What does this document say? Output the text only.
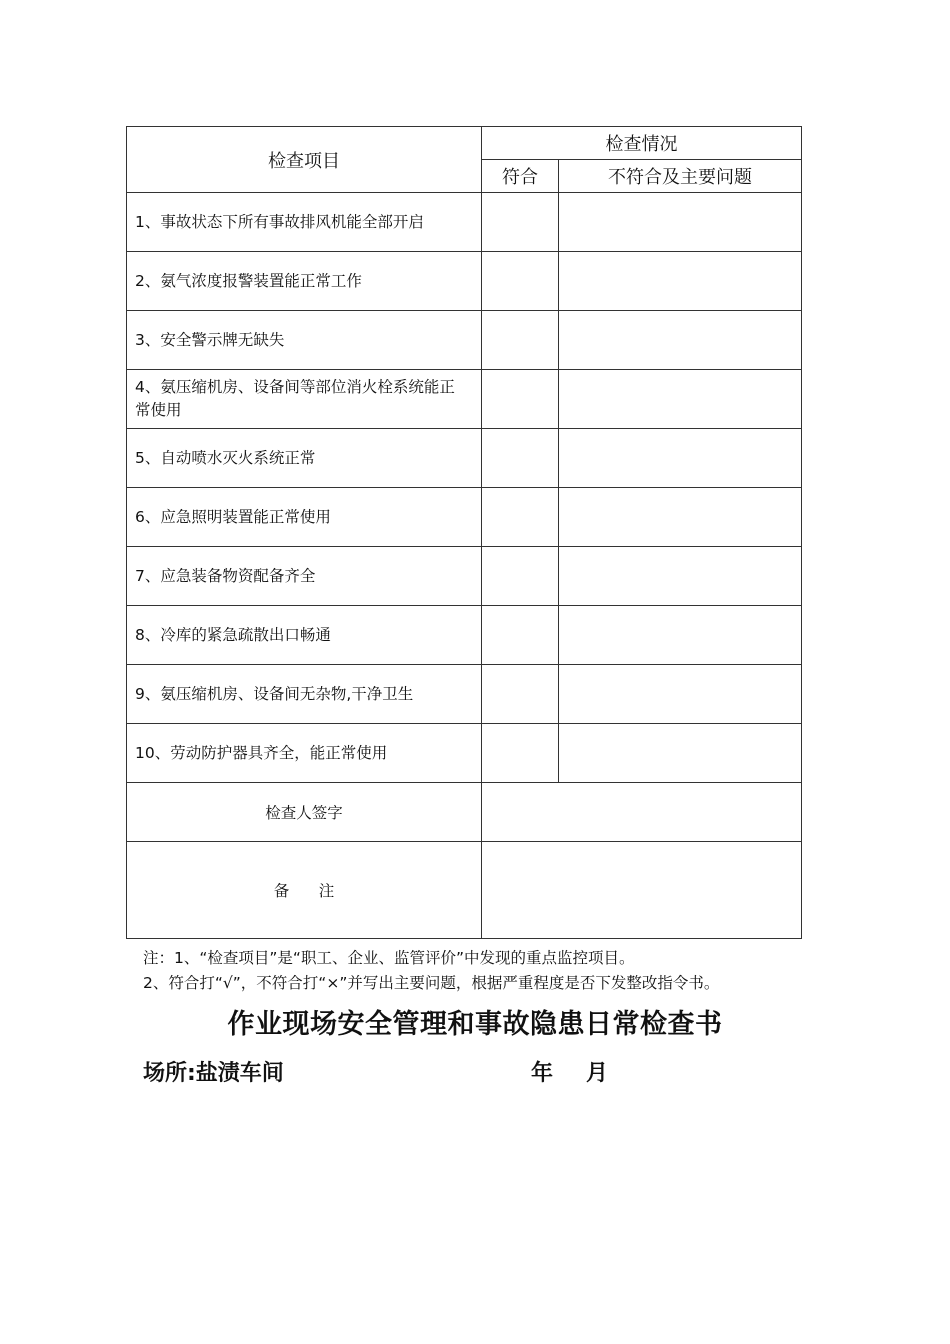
检查项目	检查情况	
	符合	不符合及主要问题
1、事故状态下所有事故排风机能全部开启		
2、氨气浓度报警装置能正常工作		
3、安全警示牌无缺失		
4、氨压缩机房、设备间等部位消火栓系统能正 常使用		
5、自动喷水灭火系统正常		
6、应急照明装置能正常使用		
7、应急装备物资配备齐全		
8、冷库的紧急疏散出口畅通		
9、氨压缩机房、设备间无杂物,干净卫生		
10、劳动防护器具齐全，能正常使用		
检查人签字		
备      注		
注：1、“检查项目”是“职工、企业、监管评价”中发现的重点监控项目。
2、符合打“√”，不符合打“×”并写出主要问题，根据严重程度是否下发整改指令书。
作业现场安全管理和事故隐患日常检查书
场所:盐渍车间	年 月
